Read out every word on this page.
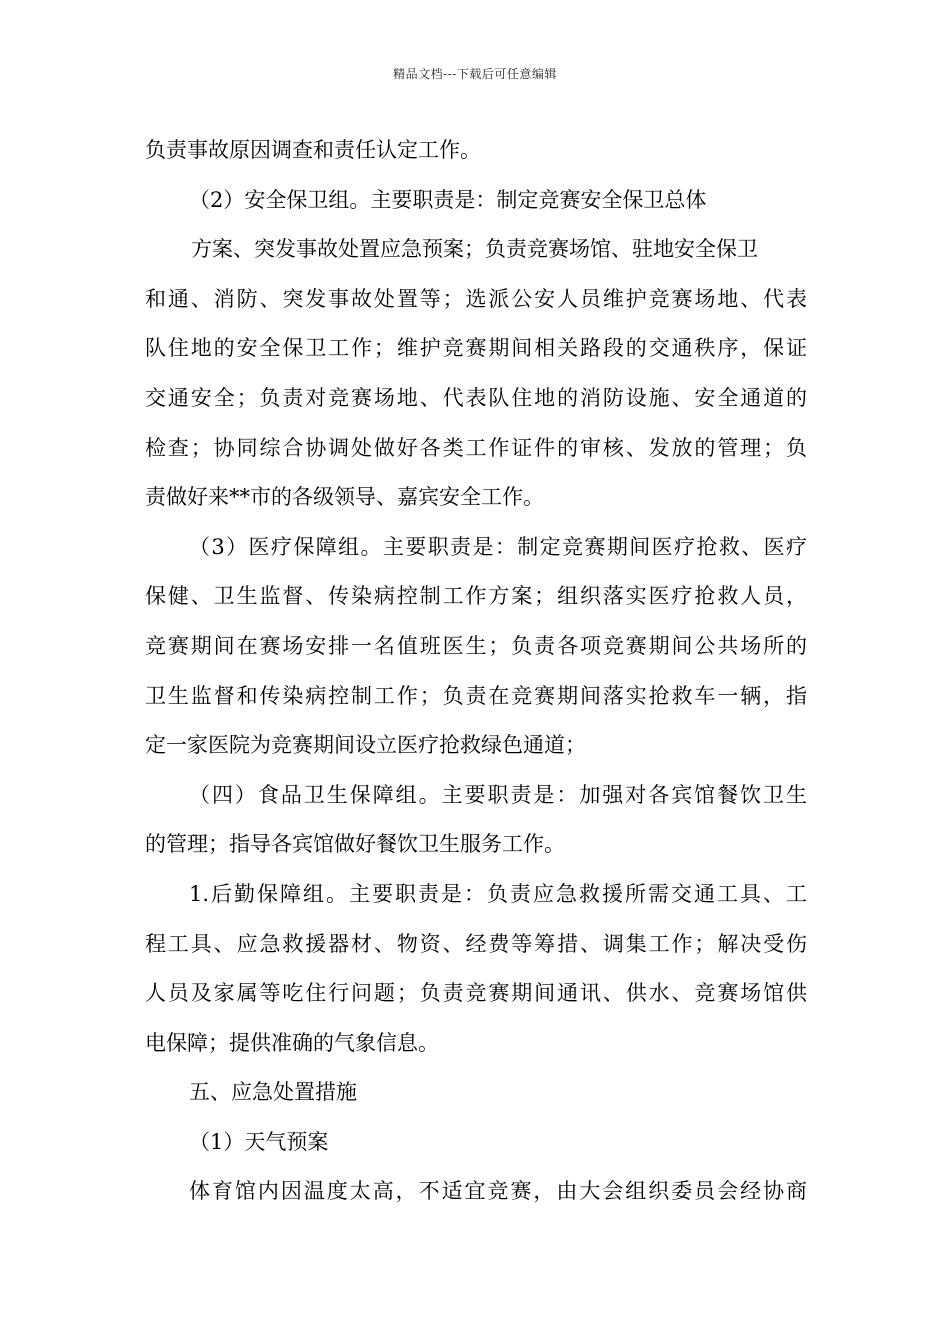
精品文档---下载后可任意编辑
负责事故原因调查和责任认定工作。
（2）安全保卫组。主要职责是：制定竞赛安全保卫总体
方案、突发事故处置应急预案；负责竞赛场馆、驻地安全保卫
和通、消防、突发事故处置等；选派公安人员维护竞赛场地、代表
队住地的安全保卫工作；维护竞赛期间相关路段的交通秩序，保证
交通安全；负责对竞赛场地、代表队住地的消防设施、安全通道的
检查；协同综合协调处做好各类工作证件的审核、发放的管理；负
责做好来**市的各级领导、嘉宾安全工作。
（3）医疗保障组。主要职责是：制定竞赛期间医疗抢救、医疗
保健、卫生监督、传染病控制工作方案；组织落实医疗抢救人员，
竞赛期间在赛场安排一名值班医生；负责各项竞赛期间公共场所的
卫生监督和传染病控制工作；负责在竞赛期间落实抢救车一辆，指
定一家医院为竞赛期间设立医疗抢救绿色通道；
（四）食品卫生保障组。主要职责是：加强对各宾馆餐饮卫生
的管理；指导各宾馆做好餐饮卫生服务工作。
1.后勤保障组。主要职责是：负责应急救援所需交通工具、工
程工具、应急救援器材、物资、经费等筹措、调集工作；解决受伤
人员及家属等吃住行问题；负责竞赛期间通讯、供水、竞赛场馆供
电保障；提供准确的气象信息。
五、应急处置措施
（1）天气预案
体育馆内因温度太高，不适宜竞赛，由大会组织委员会经协商
